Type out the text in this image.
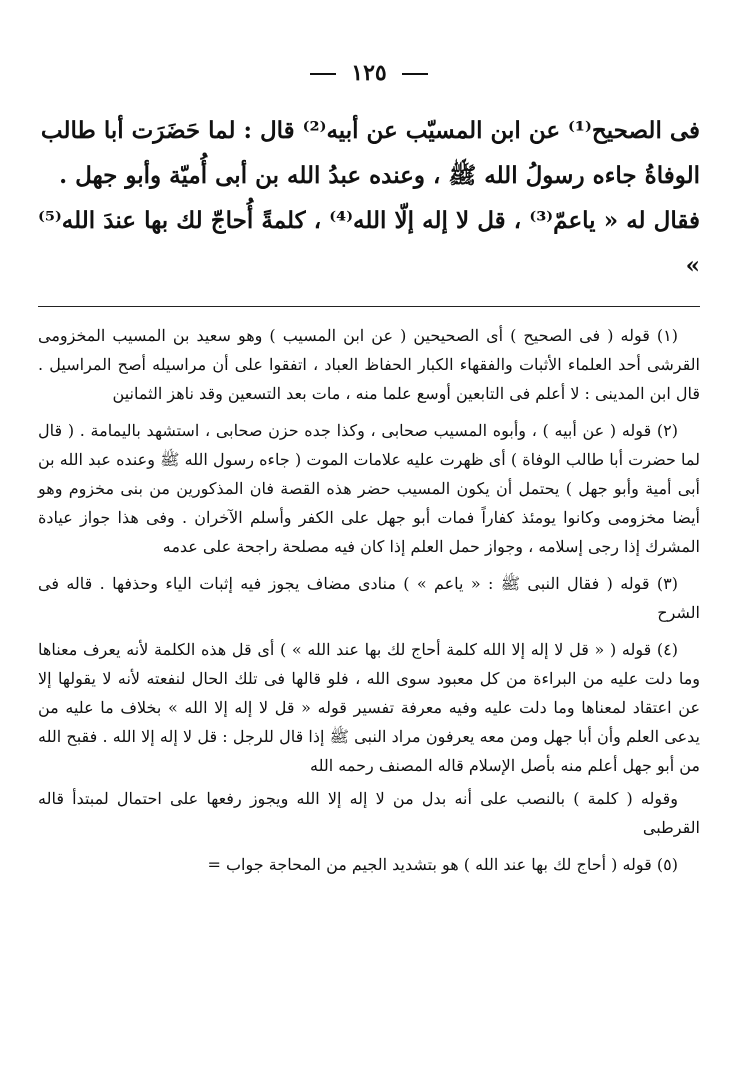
١٢٥

فى الصحيح⁽¹⁾ عن ابن المسيّب عن أبيه⁽²⁾ قال : لما حَضَرَت أبا طالب

الوفاةُ جاءه رسولُ الله ﷺ ، وعنده عبدُ الله بن أبى أُميّة وأبو جهل .

فقال له « ياعمّ⁽³⁾ ، قل لا إله إلّا الله⁽⁴⁾ ، كلمةً أُحاجّ لك بها عندَ الله⁽⁵⁾ »

(١) قوله ( فى الصحيح ) أى الصحيحين ( عن ابن المسيب ) وهو سعيد بن المسيب المخزومى القرشى أحد العلماء الأثبات والفقهاء الكبار الحفاظ العباد ، اتفقوا على أن مراسيله أصح المراسيل . قال ابن المدينى : لا أعلم فى التابعين أوسع علما منه ، مات بعد التسعين وقد ناهز الثمانين

(٢) قوله ( عن أبيه ) ، وأبوه المسيب صحابى ، وكذا جده حزن صحابى ، استشهد باليمامة . ( قال لما حضرت أبا طالب الوفاة ) أى ظهرت عليه علامات الموت ( جاءه رسول الله ﷺ وعنده عبد الله بن أبى أمية وأبو جهل ) يحتمل أن يكون المسيب حضر هذه القصة فان المذكورين من بنى مخزوم وهو أيضا مخزومى وكانوا يومئذ كفاراً فمات أبو جهل على الكفر وأسلم الآخران . وفى هذا جواز عيادة المشرك إذا رجى إسلامه ، وجواز حمل العلم إذا كان فيه مصلحة راجحة على عدمه

(٣) قوله ( فقال النبى ﷺ : « ياعم » ) منادى مضاف يجوز فيه إثبات الياء وحذفها . قاله فى الشرح

(٤) قوله ( « قل لا إله إلا الله كلمة أحاج لك بها عند الله » ) أى قل هذه الكلمة لأنه يعرف معناها وما دلت عليه من البراءة من كل معبود سوى الله ، فلو قالها فى تلك الحال لنفعته لأنه لا يقولها إلا عن اعتقاد لمعناها وما دلت عليه وفيه معرفة تفسير قوله « قل لا إله إلا الله » بخلاف ما عليه من يدعى العلم وأن أبا جهل ومن معه يعرفون مراد النبى ﷺ إذا قال للرجل : قل لا إله إلا الله . فقبح الله من أبو جهل أعلم منه بأصل الإسلام قاله المصنف رحمه الله

وقوله ( كلمة ) بالنصب على أنه بدل من لا إله إلا الله ويجوز رفعها على احتمال لمبتدأ قاله القرطبى

(٥) قوله ( أحاج لك بها عند الله ) هو بتشديد الجيم من المحاجة جواب =
